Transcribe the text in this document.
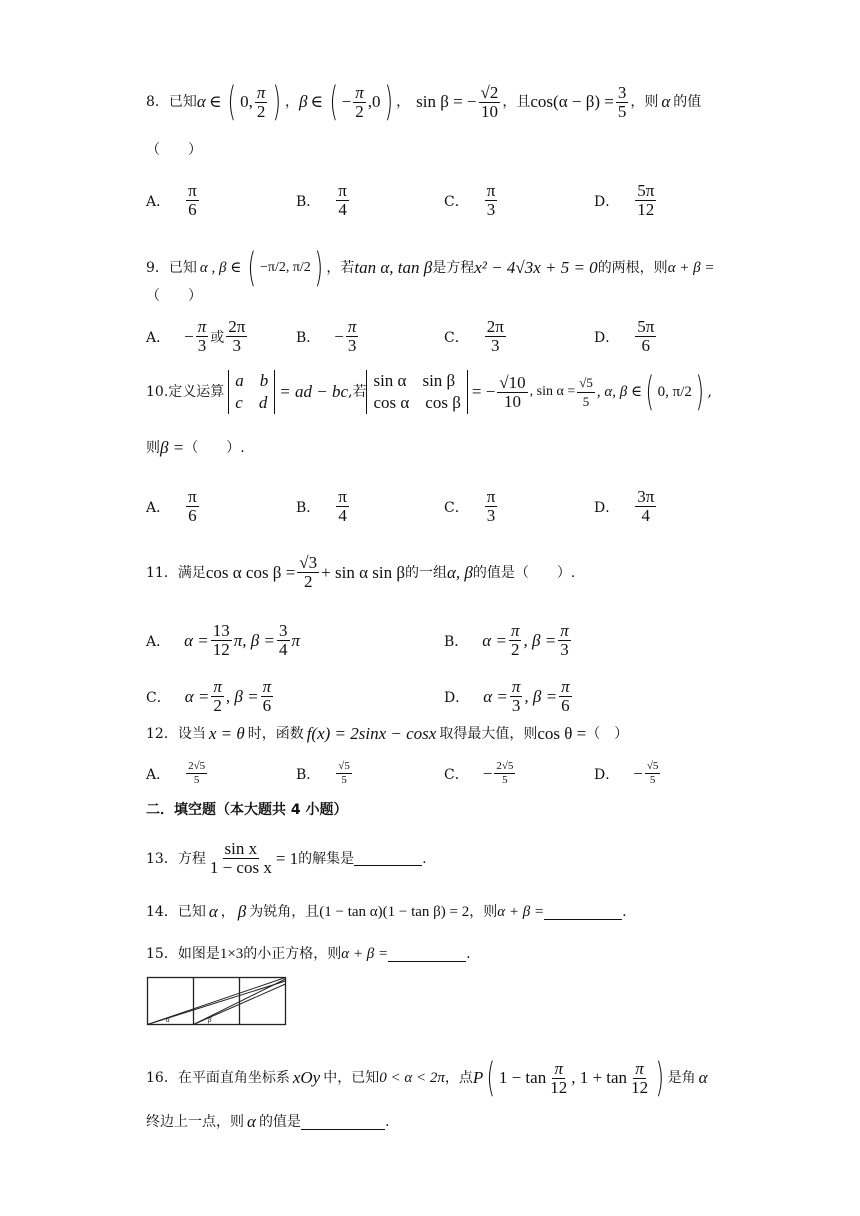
8． 已知 α ∈ ( 0, $\frac{\pi}{2}$ ) ， β ∈ ( − $\frac{\pi}{2} ,0$ ) ， sin β = − $\frac{√2}{10}$ ，且 $\cos(\alpha - \beta) = \frac{3}{5}$ ，则 α 的值
（　　）
A． $\frac{\pi}{6}$	B． $\frac{\pi}{4}$	C． $\frac{\pi}{3}$	D． $\frac{5\pi}{12}$
9． 已知 α , β ∈ ( −π/2, π/2 ) ，若 tan α, tan β 是方程 x² − 4√3x + 5 = 0 的两根，则 α + β =
（　　）
A． − $\frac{\pi}{3}$ 或 $\frac{2\pi}{3}$	B． − $\frac{\pi}{3}$	C． $\frac{2\pi}{3}$	D． $\frac{5\pi}{6}$
10. 定义运算
a b
c d
= ad − bc ,若
sin α sin β
cos α cos β
= − $\frac{√10}{10}$ , $\sin \alpha = \frac{√5}{5}$ , α, β ∈ ( 0, π/2 ) ,
则 β = （　　）.
A． $\frac{\pi}{6}$	B． $\frac{\pi}{4}$	C． $\frac{\pi}{3}$	D． $\frac{3\pi}{4}$
11． 满足 cos α $\cos \beta = \frac{√3}{2} + \sin \alpha$ sin β 的一组 α, β 的值是（　　）.
A． $\alpha = \frac{13}{12} \pi$, $\beta = \frac{3}{4}$ π	B． $\alpha = \frac{\pi}{2}$ , $\beta = \frac{\pi}{3}$
C． $\alpha = \frac{\pi}{2}$ , $\beta = \frac{\pi}{6}$	D． $\alpha = \frac{\pi}{3}$ , $\beta = \frac{\pi}{6}$
12． 设当 x = θ 时，函数 f(x) = 2sinx − cosx 取得最大值，则 cos θ = （　）
A． $\frac{2√5}{5}$	B． $\frac{√5}{5}$	C． − $\frac{2√5}{5}$	D． − $\frac{√5}{5}$
二．填空题（本大题共 4 小题）
13． 方程 $\frac{\text{sin x}}{\text{1 − cos x}} = 1$ 的解集是	.
14． 已知 α ， β 为锐角，且 (1 − tan α)(1 − tan β) = 2 ，则 α + β =	.
15． 如图是 1×3 的小正方格，则 α + β =	.
α	β
16． 在平面直角坐标系 xOy 中，已知 0 < α < 2π ，点 P ( $1 - \tan \frac{\pi}{12}$ , $1 + \tan \frac{\pi}{12}$ ) 是角 α
终边上一点，则 α 的值是	.
